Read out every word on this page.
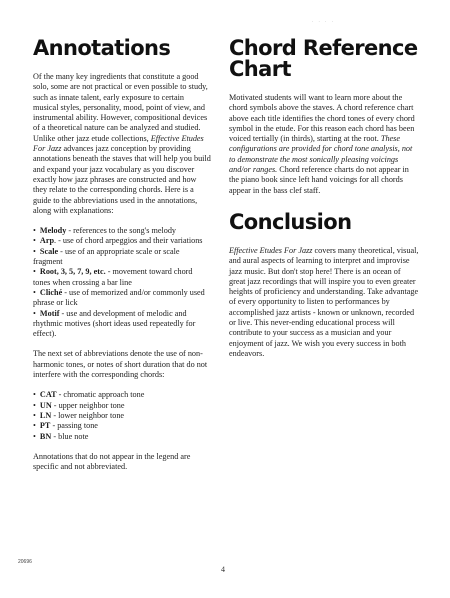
· · · ·
Annotations

Of the many key ingredients that constitute a good solo, some are not practical or even possible to study, such as innate talent, early exposure to certain musical styles, personality, mood, point of view, and instrumental ability. However, compositional devices of a theoretical nature can be analyzed and studied. Unlike other jazz etude collections, Effective Etudes For Jazz advances jazz conception by providing annotations beneath the staves that will help you build and expand your jazz vocabulary as you discover exactly how jazz phrases are constructed and how they relate to the corresponding chords. Here is a guide to the abbreviations used in the annotations, along with explanations:

• Melody - references to the song's melody
• Arp. - use of chord arpeggios and their variations
• Scale - use of an appropriate scale or scale fragment
• Root, 3, 5, 7, 9, etc. - movement toward chord tones when crossing a bar line
• Cliché - use of memorized and/or commonly used phrase or lick
• Motif - use and development of melodic and rhythmic motives (short ideas used repeatedly for effect).

The next set of abbreviations denote the use of non-harmonic tones, or notes of short duration that do not interfere with the corresponding chords:

• CAT - chromatic approach tone
• UN - upper neighbor tone
• LN - lower neighbor tone
• PT - passing tone
• BN - blue note

Annotations that do not appear in the legend are specific and not abbreviated.

Chord Reference
Chart

Motivated students will want to learn more about the chord symbols above the staves. A chord reference chart above each title identifies the chord tones of every chord symbol in the etude. For this reason each chord has been voiced tertially (in thirds), starting at the root. These configurations are provided for chord tone analysis, not to demonstrate the most sonically pleasing voicings and/or ranges. Chord reference charts do not appear in the piano book since left hand voicings for all chords appear in the bass clef staff.

Conclusion

Effective Etudes For Jazz covers many theoretical, visual, and aural aspects of learning to interpret and improvise jazz music. But don't stop here! There is an ocean of great jazz recordings that will inspire you to even greater heights of proficiency and understanding. Take advantage of every opportunity to listen to performances by accomplished jazz artists - known or unknown, recorded or live. This never-ending educational process will contribute to your success as a musician and your enjoyment of jazz. We wish you every success in both endeavors.

20696
4
